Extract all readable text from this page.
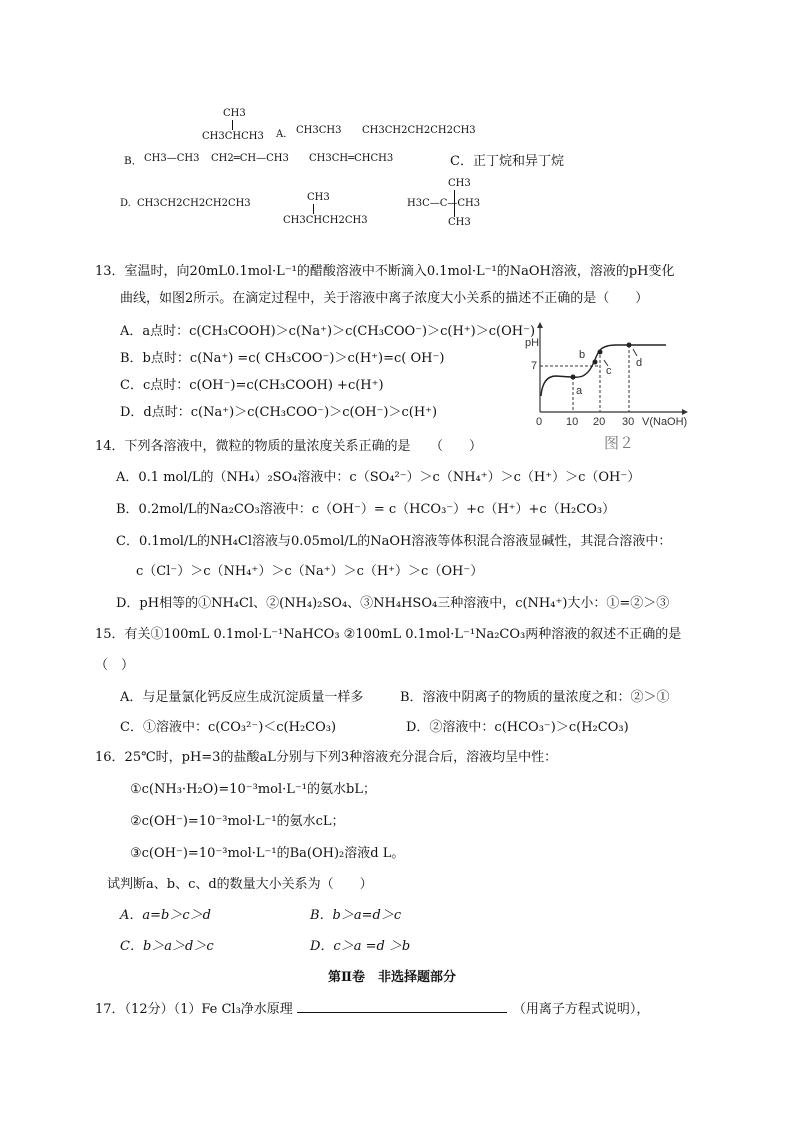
CH3
CH3CHCH3 A． CH3CH3 CH3CH2CH2CH2CH3
B． CH3—CH3 CH2═CH—CH3 CH3CH═CHCH3	C．正丁烷和异丁烷
D. CH3CH2CH2CH2CH3
CH3
CH3CHCH2CH3
CH3
H3C—C—CH3
CH3
13．室温时，向20mL0.1mol·L⁻¹的醋酸溶液中不断滴入0.1mol·L⁻¹的NaOH溶液，溶液的pH变化
曲线，如图2所示。在滴定过程中，关于溶液中离子浓度大小关系的描述不正确的是（　　）
A．a点时：c(CH₃COOH)＞c(Na⁺)＞c(CH₃COO⁻)＞c(H⁺)＞c(OH⁻)
B．b点时：c(Na⁺) =c( CH₃COO⁻)＞c(H⁺)=c( OH⁻)
C．c点时：c(OH⁻)=c(CH₃COOH) +c(H⁺)
D．d点时：c(Na⁺)＞c(CH₃COO⁻)＞c(OH⁻)＞c(H⁺)
pH
7
a
b
c
d
0 10 20 30 V(NaOH)
图２
14．下列各溶液中，微粒的物质的量浓度关系正确的是　　（　　）
A．0.1 mol/L的（NH₄）₂SO₄溶液中：c（SO₄²⁻）＞c（NH₄⁺）＞c（H⁺）＞c（OH⁻）
B．0.2mol/L的Na₂CO₃溶液中：c（OH⁻）= c（HCO₃⁻）+c（H⁺）+c（H₂CO₃）
C．0.1mol/L的NH₄Cl溶液与0.05mol/L的NaOH溶液等体积混合溶液显碱性，其混合溶液中：
c（Cl⁻）＞c（NH₄⁺）＞c（Na⁺）＞c（H⁺）＞c（OH⁻）
D．pH相等的①NH₄Cl、②(NH₄)₂SO₄、③NH₄HSO₄三种溶液中，c(NH₄⁺)大小：①=②＞③
15．有关①100mL 0.1mol·L⁻¹NaHCO₃ ②100mL 0.1mol·L⁻¹Na₂CO₃两种溶液的叙述不正确的是
（　）
A．与足量氯化钙反应生成沉淀质量一样多	B．溶液中阴离子的物质的量浓度之和：②＞①
C．①溶液中：c(CO₃²⁻)＜c(H₂CO₃)	D．②溶液中：c(HCO₃⁻)＞c(H₂CO₃)
16．25℃时，pH=3的盐酸aL分别与下列3种溶液充分混合后，溶液均呈中性：
①c(NH₃·H₂O)=10⁻³mol·L⁻¹的氨水bL；
②c(OH⁻)=10⁻³mol·L⁻¹的氨水cL；
③c(OH⁻)=10⁻³mol·L⁻¹的Ba(OH)₂溶液d L。
试判断a、b、c、d的数量大小关系为（　　）
A．a=b＞c＞d	B．b＞a=d＞c
C．b＞a＞d＞c	D．c＞a =d ＞b
第Ⅱ卷　非选择题部分
17．（12分）（1）Fe Cl₃净水原理	（用离子方程式说明），
